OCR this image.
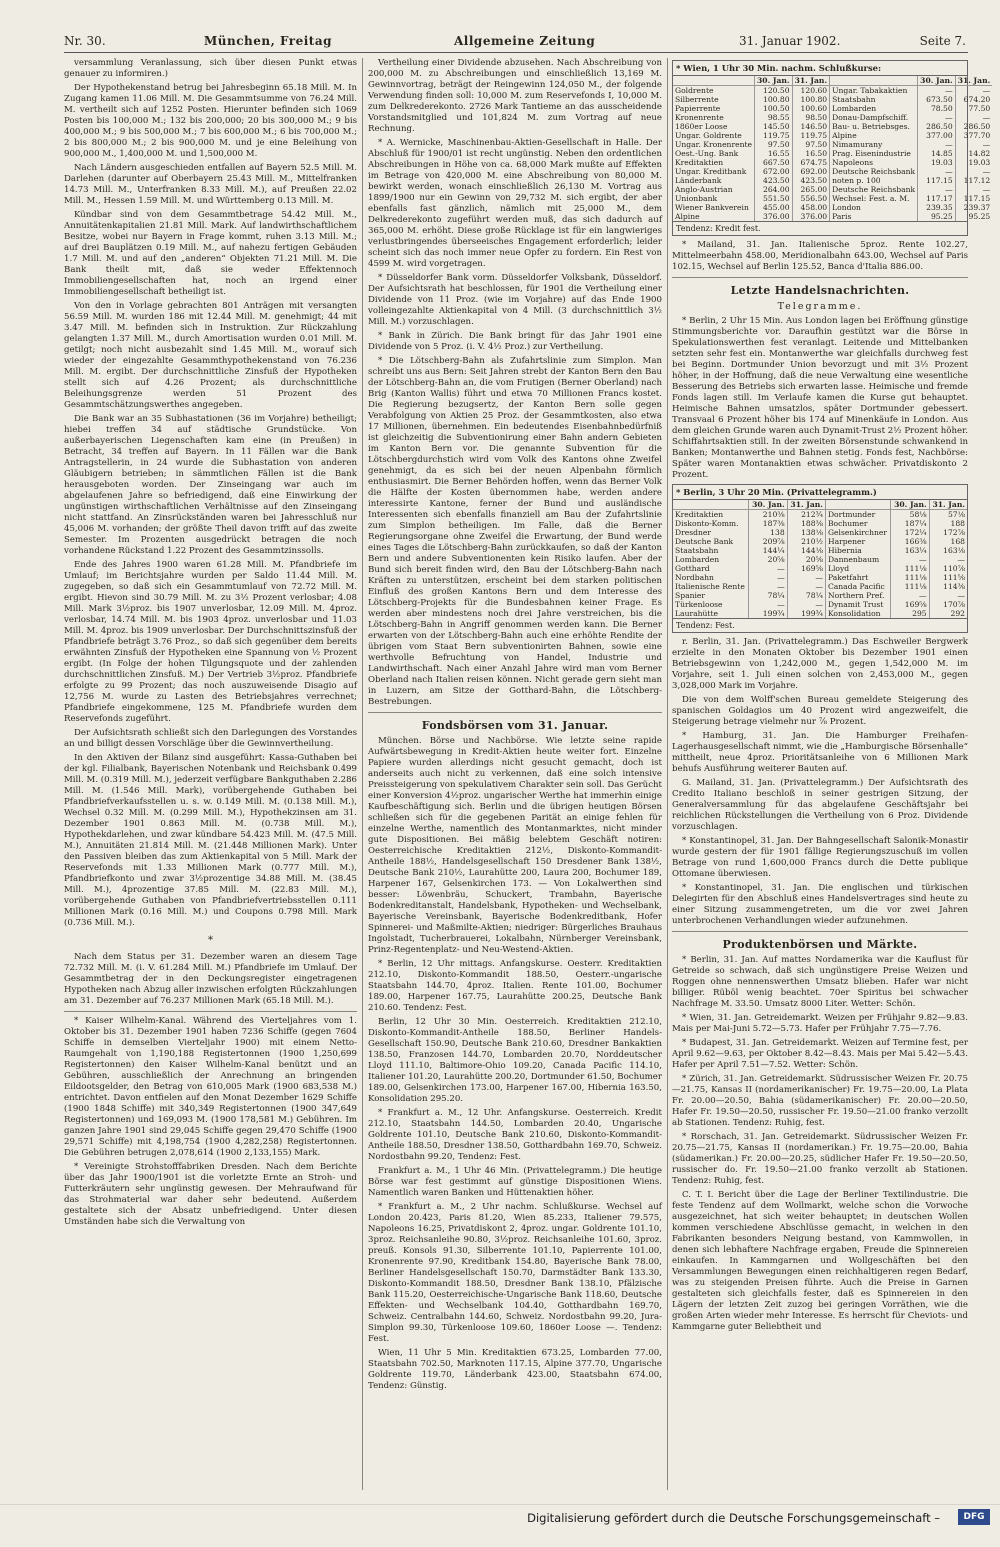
Nr. 30.	München, Freitag	Allgemeine Zeitung	31. Januar 1902.	Seite 7.

versammlung Veranlassung, sich über diesen Punkt etwas genauer zu informiren.)

Der Hypothekenstand betrug bei Jahresbeginn 65.18 Mill. M. In Zugang kamen 11.06 Mill. M. Die Gesammtsumme von 76.24 Mill. M. vertheilt sich auf 1252 Posten. Hierunter befinden sich 1069 Posten bis 100,000 M.; 132 bis 200,000; 20 bis 300,000 M.; 9 bis 400,000 M.; 9 bis 500,000 M.; 7 bis 600,000 M.; 6 bis 700,000 M.; 2 bis 800,000 M.; 2 bis 900,000 M. und je eine Beleihung von 900,000 M., 1,400,000 M. und 1,500,000 M.

Nach Ländern ausgeschieden entfallen auf Bayern 52.5 Mill. M. Darlehen (darunter auf Oberbayern 25.43 Mill. M., Mittelfranken 14.73 Mill. M., Unterfranken 8.33 Mill. M.), auf Preußen 22.02 Mill. M., Hessen 1.59 Mill. M. und Württemberg 0.13 Mill. M.

Kündbar sind von dem Gesammtbetrage 54.42 Mill. M., Annuitätenkapitalien 21.81 Mill. Mark. Auf landwirthschaftlichem Besitze, wobei nur Bayern in Frage kommt, ruhen 3.13 Mill. M.; auf drei Bauplätzen 0.19 Mill. M., auf nahezu fertigen Gebäuden 1.7 Mill. M. und auf den „anderen“ Objekten 71.21 Mill. M. Die Bank theilt mit, daß sie weder Effektennoch Immobiliengesellschaften hat, noch an irgend einer Immobiliengesellschaft betheiligt ist.

Von den in Vorlage gebrachten 801 Anträgen mit versangten 56.59 Mill. M. wurden 186 mit 12.44 Mill. M. genehmigt; 44 mit 3.47 Mill. M. befinden sich in Instruktion. Zur Rückzahlung gelangten 1.37 Mill. M., durch Amortisation wurden 0.01 Mill. M. getilgt; noch nicht ausbezahlt sind 1.45 Mill. M., worauf sich wieder der eingezahlte Gesammthypothekenstand von 76.236 Mill. M. ergibt. Der durchschnittliche Zinsfuß der Hypotheken stellt sich auf 4.26 Prozent; als durchschnittliche Beleihungsgrenze werden 51 Prozent des Gesammtschätzungswerthes angegeben.

Die Bank war an 35 Subhastationen (36 im Vorjahre) betheiligt; hiebei treffen 34 auf städtische Grundstücke. Von außerbayerischen Liegenschaften kam eine (in Preußen) in Betracht, 34 treffen auf Bayern. In 11 Fällen war die Bank Antragstellerin, in 24 wurde die Subhastation von anderen Gläubigern betrieben; in sämmtlichen Fällen ist die Bank herausgeboten worden. Der Zinseingang war auch im abgelaufenen Jahre so befriedigend, daß eine Einwirkung der ungünstigen wirthschaftlichen Verhältnisse auf den Zinseingang nicht stattfand. An Zinsrückständen waren bei Jahresschluß nur 45,006 M. vorhanden; der größte Theil davon trifft auf das zweite Semester. Im Prozenten ausgedrückt betragen die noch vorhandene Rückstand 1.22 Prozent des Gesammtzinssolls.

Ende des Jahres 1900 waren 61.28 Mill. M. Pfandbriefe im Umlauf; im Berichtsjahre wurden per Saldo 11.44 Mill. M. zugegeben, so daß sich ein Gesammtumlauf von 72.72 Mill. M. ergibt. Hievon sind 30.79 Mill. M. zu 3½ Prozent verlosbar; 4.08 Mill. Mark 3½proz. bis 1907 unverlosbar, 12.09 Mill. M. 4proz. verlosbar, 14.74 Mill. M. bis 1903 4proz. unverlosbar und 11.03 Mill. M. 4proz. bis 1909 unverlosbar. Der Durchschnittszinsfuß der Pfandbriefe beträgt 3.76 Proz., so daß sich gegenüber dem bereits erwähnten Zinsfuß der Hypotheken eine Spannung von ½ Prozent ergibt. (In Folge der hohen Tilgungsquote und der zahlenden durchschnittlichen Zinsfuß. M.) Der Vertrieb 3½proz. Pfandbriefe erfolgte zu 99 Prozent; das noch auszuweisende Disagio auf 12,756 M. wurde zu Lasten des Betriebsjahres verrechnet; Pfandbriefe eingekommene, 125 M. Pfandbriefe wurden dem Reservefonds zugeführt.

Der Aufsichtsrath schließt sich den Darlegungen des Vorstandes an und billigt dessen Vorschläge über die Gewinnvertheilung.

In den Aktiven der Bilanz sind ausgeführt: Kassa-Guthaben bei der kgl. Filialbank, Bayerischen Notenbank und Reichsbank 0.499 Mill. M. (0.319 Mill. M.), jederzeit verfügbare Bankguthaben 2.286 Mill. M. (1.546 Mill. Mark), vorübergehende Guthaben bei Pfandbriefverkaufsstellen u. s. w. 0.149 Mill. M. (0.138 Mill. M.), Wechsel 0.32 Mill. M. (0.299 Mill. M.), Hypothekzinsen am 31. Dezember 1901 0.863 Mill. M. (0.738 Mill. M.), Hypothekdarlehen, und zwar kündbare 54.423 Mill. M. (47.5 Mill. M.), Annuitäten 21.814 Mill. M. (21.448 Millionen Mark). Unter den Passiven bleiben das zum Aktienkapital von 5 Mill. Mark der Reservefonds mit 1.33 Millionen Mark (0.777 Mill. M.), Pfandbriefkonto und zwar 3½prozentige 34.88 Mill. M. (38.45 Mill. M.), 4prozentige 37.85 Mill. M. (22.83 Mill. M.), vorübergehende Guthaben von Pfandbriefvertriebsstellen 0.111 Millionen Mark (0.16 Mill. M.) und Coupons 0.798 Mill. Mark (0.736 Mill. M.).

*

Nach dem Status per 31. Dezember waren an diesem Tage 72.732 Mill. M. (i. V. 61.284 Mill. M.) Pfandbriefe im Umlauf. Der Gesammtbetrag der in den Deckungsregister eingetragenen Hypotheken nach Abzug aller inzwischen erfolgten Rückzahlungen am 31. Dezember auf 76.237 Millionen Mark (65.18 Mill. M.).

* Kaiser Wilhelm-Kanal. Während des Vierteljahres vom 1. Oktober bis 31. Dezember 1901 haben 7236 Schiffe (gegen 7604 Schiffe in demselben Vierteljahr 1900) mit einem Netto-Raumgehalt von 1,190,188 Registertonnen (1900 1,250,699 Registertonnen) den Kaiser Wilhelm-Kanal benützt und an Gebühren, ausschließlich der Anrechnung an bringenden Eildootsgelder, den Betrag von 610,005 Mark (1900 683,538 M.) entrichtet. Davon entfielen auf den Monat Dezember 1629 Schiffe (1900 1848 Schiffe) mit 340,349 Registertonnen (1900 347,649 Registertonnen) und 169,093 M. (1900 178,581 M.) Gebühren. Im ganzen Jahre 1901 sind 29,045 Schiffe gegen 29,470 Schiffe (1900 29,571 Schiffe) mit 4,198,754 (1900 4,282,258) Registertonnen. Die Gebühren betrugen 2,078,614 (1900 2,133,155) Mark.

* Vereinigte Strohstofffabriken Dresden. Nach dem Berichte über das Jahr 1900/1901 ist die vorletzte Ernte an Stroh- und Futterkräutern sehr ungünstig gewesen. Der Mehraufwand für das Strohmaterial war daher sehr bedeutend. Außerdem gestaltete sich der Absatz unbefriedigend. Unter diesen Umständen habe sich die Verwaltung von

Vertheilung einer Dividende abzusehen. Nach Abschreibung von 200,000 M. zu Abschreibungen und einschließlich 13,169 M. Gewinnvortrag, beträgt der Reingewinn 124,050 M., der folgende Verwendung finden soll: 10,000 M. zum Reservefonds I, 10,000 M. zum Delkrederekonto. 2726 Mark Tantieme an das ausscheidende Vorstandsmitglied und 101,824 M. zum Vortrag auf neue Rechnung.

* A. Wernicke, Maschinenbau-Aktien-Gesellschaft in Halle. Der Abschluß für 1900/01 ist recht ungünstig. Neben den ordentlichen Abschreibungen in Höhe von ca. 68,000 Mark mußte auf Effekten im Betrage von 420,000 M. eine Abschreibung von 80,000 M. bewirkt werden, wonach einschließlich 26,130 M. Vortrag aus 1899/1900 nur ein Gewinn von 29,732 M. sich ergibt, der aber ebenfalls fast gänzlich, nämlich mit 25,000 M., dem Delkrederekonto zugeführt werden muß, das sich dadurch auf 365,000 M. erhöht. Diese große Rücklage ist für ein langwieriges verlustbringendes überseeisches Engagement erforderlich; leider scheint sich das noch immer neue Opfer zu fordern. Ein Rest von 4599 M. wird vorgetragen.

* Düsseldorfer Bank vorm. Düsseldorfer Volksbank, Düsseldorf. Der Aufsichtsrath hat beschlossen, für 1901 die Vertheilung einer Dividende von 11 Proz. (wie im Vorjahre) auf das Ende 1900 volleingezahlte Aktienkapital von 4 Mill. (3 durchschnittlich 3½ Mill. M.) vorzuschlagen.

* Bank in Zürich. Die Bank bringt für das Jahr 1901 eine Dividende von 5 Proz. (i. V. 4½ Proz.) zur Vertheilung.

* Die Lötschberg-Bahn als Zufahrtslinie zum Simplon. Man schreibt uns aus Bern: Seit Jahren strebt der Kanton Bern den Bau der Lötschberg-Bahn an, die vom Frutigen (Berner Oberland) nach Brig (Kanton Wallis) führt und etwa 70 Millionen Francs kostet. Die Regierung bezugsertz, der Kanton Bern solle gegen Verabfolgung von Aktien 25 Proz. der Gesammtkosten, also etwa 17 Millionen, übernehmen. Ein bedeutendes Eisenbahnbedürfniß ist gleichzeitig die Subventionirung einer Bahn andern Gebieten im Kanton Bern vor. Die genannte Subvention für die Lötschbergdurchstich wird vom Volk des Kantons ohne Zweifel genehmigt, da es sich bei der neuen Alpenbahn förmlich enthusiasmirt. Die Berner Behörden hoffen, wenn das Berner Volk die Hälfte der Kosten übernommen habe, werden andere interessirte Kantone, ferner der Bund und ausländische Interessenten sich ebenfalls finanziell am Bau der Zufahrtslinie zum Simplon betheiligen. Im Falle, daß die Berner Regierungsorgane ohne Zweifel die Erwartung, der Bund werde eines Tages die Lötschberg-Bahn zurückkaufen, so daß der Kanton Bern und andere Subventionenten kein Risiko laufen. Aber der Bund sich bereit finden wird, den Bau der Lötschberg-Bahn nach Kräften zu unterstützen, erscheint bei dem starken politischen Einfluß des großen Kantons Bern und dem Interesse des Lötschberg-Projekts für die Bundesbahnen keiner Frage. Es werden aber mindestens noch drei Jahre verstreichen, bis die Lötschberg-Bahn in Angriff genommen werden kann. Die Berner erwarten von der Lötschberg-Bahn auch eine erhöhte Rendite der übrigen vom Staat Bern subventionirten Bahnen, sowie eine werthvolle Befruchtung von Handel, Industrie und Landwirthschaft. Nach einer Anzahl Jahre wird man vom Berner Oberland nach Italien reisen können. Nicht gerade gern sieht man in Luzern, am Sitze der Gotthard-Bahn, die Lötschberg-Bestrebungen.

Fondsbörsen vom 31. Januar.

München. Börse und Nachbörse. Wie letzte seine rapide Aufwärtsbewegung in Kredit-Aktien heute weiter fort. Einzelne Papiere wurden allerdings nicht gesucht gemacht, doch ist anderseits auch nicht zu verkennen, daß eine solch intensive Preissteigerung von spekulativem Charakter sein soll. Das Gerücht einer Konversion 4½proz. ungarischer Werthe hat immerhin einige Kaufbeschäftigung sich. Berlin und die übrigen heutigen Börsen schließen sich für die gegebenen Parität an einige fehlen für einzelne Werthe, namentlich des Montanmarktes, nicht minder gute Dispositionen. Bei mäßig belebtem Geschäft notiren: Oesterreichische Kreditaktien 212½, Diskonto-Kommandit-Antheile 188½, Handelsgesellschaft 150 Dresdener Bank 138½, Deutsche Bank 210½, Laurahütte 200, Laura 200, Bochumer 189, Harpener 167, Gelsenkirchen 173. — Von Lokalwerthen sind besser: Löwenbräu, Schuckert, Trambahn, Bayerische Bodenkreditanstalt, Handelsbank, Hypotheken- und Wechselbank, Bayerische Vereinsbank, Bayerische Bodenkreditbank, Hofer Spinnerei- und Maßmilte-Aktien; niedriger: Bürgerliches Brauhaus Ingolstadt, Tucherbrauerei, Lokalbahn, Nürnberger Vereinsbank, Prinz-Regentenplatz- und Neu-Westend-Aktien.

* Berlin, 12 Uhr mittags. Anfangskurse. Oesterr. Kreditaktien 212.10, Diskonto-Kommandit 188.50, Oesterr.-ungarische Staatsbahn 144.70, 4proz. Italien. Rente 101.00, Bochumer 189.00, Harpener 167.75, Laurahütte 200.25, Deutsche Bank 210.60. Tendenz: Fest.

Berlin, 12 Uhr 30 Min. Oesterreich. Kreditaktien 212.10, Diskonto-Kommandit-Antheile 188.50, Berliner Handels-Gesellschaft 150.90, Deutsche Bank 210.60, Dresdner Bankaktien 138.50, Franzosen 144.70, Lombarden 20.70, Norddeutscher Lloyd 111.10, Baltimore-Ohio 109.20, Canada Pacific 114.10, Italiener 101.20, Laurahütte 200.20, Dortmunder 61.50, Bochumer 189.00, Gelsenkirchen 173.00, Harpener 167.00, Hibernia 163.50, Konsolidation 295.20.

* Frankfurt a. M., 12 Uhr. Anfangskurse. Oesterreich. Kredit 212.10, Staatsbahn 144.50, Lombarden 20.40, Ungarische Goldrente 101.10, Deutsche Bank 210.60, Diskonto-Kommandit-Antheile 188.50, Dresdner 138.50, Gotthardbahn 169.70, Schweiz. Nordostbahn 99.20, Tendenz: Fest.

Frankfurt a. M., 1 Uhr 46 Min. (Privattelegramm.) Die heutige Börse war fest gestimmt auf günstige Dispositionen Wiens. Namentlich waren Banken und Hüttenaktien höher.

* Frankfurt a. M., 2 Uhr nachm. Schlußkurse. Wechsel auf London 20.423, Paris 81.20, Wien 85.233, Italiener 79.575, Napoleons 16.25, Privatdiskont 2, 4proz. ungar. Goldrente 101.10, 3proz. Reichsanleihe 90.80, 3½proz. Reichsanleihe 101.60, 3proz. preuß. Konsols 91.30, Silberrente 101.10, Papierrente 101.00, Kronenrente 97.90, Kreditbank 154.80, Bayerische Bank 78.00, Berliner Handelsgesellschaft 150.70, Darmstädter Bank 133.30, Diskonto-Kommandit 188.50, Dresdner Bank 138.10, Pfälzische Bank 115.20, Oesterreichische-Ungarische Bank 118.60, Deutsche Effekten- und Wechselbank 104.40, Gotthardbahn 169.70, Schweiz. Centralbahn 144.60, Schweiz. Nordostbahn 99.20, Jura-Simplon 99.30, Türkenloose 109.60, 1860er Loose —. Tendenz: Fest.

Wien, 11 Uhr 5 Min. Kreditaktien 673.25, Lombarden 77.00, Staatsbahn 702.50, Marknoten 117.15, Alpine 377.70, Ungarische Goldrente 119.70, Länderbank 423.00, Staatsbahn 674.00, Tendenz: Günstig.

* Wien, 1 Uhr 30 Min. nachm. Schlußkurse:
	30. Jan.	31. Jan.		30. Jan.	31. Jan.
Goldrente	120.50	120.60	Ungar. Tabakaktien	—	—
Silberrente	100.80	100.80	Staatsbahn	673.50	674.20
Papierrente	100.50	100.60	Lombarden	78.50	77.50
Kronenrente	98.55	98.50	Donau-Dampfschiff.	—	—
1860er Loose	145.50	146.50	Bau- u. Betriebsges.	286.50	286.50
Ungar. Goldrente	119.75	119.75	Alpine	377.00	377.70
Ungar. Kronenrente	97.50	97.50	Nimamurany	—	—
Oest.-Ung. Bank	16.55	16.50	Prag. Eisenindustrie	14.85	14.82
Kreditaktien	667.50	674.75	Napoleons	19.03	19.03
Ungar. Kreditbank	672.00	692.00	Deutsche Reichsbank	—	—
Länderbank	423.50	423.50	noten p. 100	117.15	117.12
Anglo-Austrian	264.00	265.00	Deutsche Reichsbank	—	—
Unionbank	551.50	556.50	Wechsel: Fest. a. M.	117.17	117.15
Wiener Bankverein	455.00	458.00	London	239.35	239.37
Alpine	376.00	376.00	Paris	95.25	95.25
Tendenz: Kredit fest.

* Mailand, 31. Jan. Italienische 5proz. Rente 102.27, Mittelmeerbahn 458.00, Meridionalbahn 643.00, Wechsel auf Paris 102.15, Wechsel auf Berlin 125.52, Banca d'Italia 886.00.

Letzte Handelsnachrichten.
Telegramme.

* Berlin, 2 Uhr 15 Min. Aus London lagen bei Eröffnung günstige Stimmungsberichte vor. Daraufhin gestützt war die Börse in Spekulationswerthen fest veranlagt. Leitende und Mittelbanken setzten sehr fest ein. Montanwerthe war gleichfalls durchweg fest bei Beginn. Dortmunder Union bevorzugt und mit 3½ Prozent höher, in der Hoffnung, daß die neue Verwaltung eine wesentliche Besserung des Betriebs sich erwarten lasse. Heimische und fremde Fonds lagen still. Im Verlaufe kamen die Kurse gut behauptet. Heimische Bahnen umsatzlos, später Dortmunder gebessert. Transvaal 6 Prozent höher bis 174 auf Minenkäufe in London. Aus dem gleichen Grunde waren auch Dynamit-Trust 2½ Prozent höher. Schiffahrtsaktien still. In der zweiten Börsenstunde schwankend in Banken; Montanwerthe und Bahnen stetig. Fonds fest, Nachbörse: Später waren Montanaktien etwas schwächer. Privatdiskonto 2 Prozent.

* Berlin, 3 Uhr 20 Min. (Privattelegramm.)
	30. Jan.	31. Jan.		30. Jan.	31. Jan.
Kreditaktien	210⅜	212¾	Dortmunder	58⅛	57⅛
Diskonto-Komm.	187⅜	188⅜	Bochumer	187¼	188
Dresdner	138	138⅛	Gelsenkirchner	172¼	172⅞
Deutsche Bank	209⅞	210½	Harpener	166⅜	168
Staatsbahn	144¼	144⅛	Hibernia	163¼	163⅛
Lombarden	20⅝	20⅝	Dannenbaum	—	—
Gotthard	—	169⅝	Lloyd	111⅛	110⅞
Nordbahn	—	—	Paketfahrt	111⅛	111⅝
Italienische Rente	—	—	Canada Pacific	111⅛	114⅜
Spanier	78¼	78¼	Northern Pref.	—	—
Türkenloose	—	—	Dynamit Trust	169⅝	170⅞
Laurahütte	199¾	199¾	Konsolidation	295	292
Tendenz: Fest.

r. Berlin, 31. Jan. (Privattelegramm.) Das Eschweiler Bergwerk erzielte in den Monaten Oktober bis Dezember 1901 einen Betriebsgewinn von 1,242,000 M., gegen 1,542,000 M. im Vorjahre, seit 1. Juli einen solchen von 2,453,000 M., gegen 3,028,000 Mark im Vorjahre.

Die von dem Wolff'schen Bureau gemeldete Steigerung des spanischen Goldagios um 40 Prozent wird angezweifelt, die Steigerung betrage vielmehr nur ⅞ Prozent.

* Hamburg, 31. Jan. Die Hamburger Freihafen-Lagerhausgesellschaft nimmt, wie die „Hamburgische Börsenhalle“ mittheilt, neue 4proz. Prioritätsanleihe von 6 Millionen Mark behufs Ausführung weiterer Bauten auf.

G. Mailand, 31. Jan. (Privattelegramm.) Der Aufsichtsrath des Credito Italiano beschloß in seiner gestrigen Sitzung, der Generalversammlung für das abgelaufene Geschäftsjahr bei reichlichen Rückstellungen die Vertheilung von 6 Proz. Dividende vorzuschlagen.

* Konstantinopel, 31. Jan. Der Bahngesellschaft Salonik-Monastir wurde gestern der für 1901 fällige Regierungszuschuß im vollen Betrage von rund 1,600,000 Francs durch die Dette publique Ottomane überwiesen.

* Konstantinopel, 31. Jan. Die englischen und türkischen Delegirten für den Abschluß eines Handelsvertrages sind heute zu einer Sitzung zusammengetreten, um die vor zwei Jahren unterbrochenen Verhandlungen wieder aufzunehmen.

Produktenbörsen und Märkte.

* Berlin, 31. Jan. Auf mattes Nordamerika war die Kauflust für Getreide so schwach, daß sich ungünstigere Preise Weizen und Roggen ohne nennenswerthen Umsatz blieben. Hafer war nicht billiger. Rüböl wenig beachtet. 70er Spiritus bei schwacher Nachfrage M. 33.50. Umsatz 8000 Liter. Wetter: Schön.

* Wien, 31. Jan. Getreidemarkt. Weizen per Frühjahr 9.82—9.83. Mais per Mai-Juni 5.72—5.73. Hafer per Frühjahr 7.75—7.76.

* Budapest, 31. Jan. Getreidemarkt. Weizen auf Termine fest, per April 9.62—9.63, per Oktober 8.42—8.43. Mais per Mai 5.42—5.43. Hafer per April 7.51—7.52. Wetter: Schön.

* Zürich, 31. Jan. Getreidemarkt. Südrussischer Weizen Fr. 20.75—21.75, Kansas II (nordamerikanischer) Fr. 19.75—20.00, La Plata Fr. 20.00—20.50, Bahia (südamerikanischer) Fr. 20.00—20.50, Hafer Fr. 19.50—20.50, russischer Fr. 19.50—21.00 franko verzollt ab Stationen. Tendenz: Ruhig, fest.

* Rorschach, 31. Jan. Getreidemarkt. Südrussischer Weizen Fr. 20.75—21.75, Kansas II (nordamerikan.) Fr. 19.75—20.00, Bahia (südamerikan.) Fr. 20.00—20.25, südlicher Hafer Fr. 19.50—20.50, russischer do. Fr. 19.50—21.00 franko verzollt ab Stationen. Tendenz: Ruhig, fest.

C. T. I. Bericht über die Lage der Berliner Textilindustrie. Die feste Tendenz auf dem Wollmarkt, welche schon die Vorwoche ausgezeichnet, hat sich weiter behauptet; in deutschen Wollen kommen verschiedene Abschlüsse gemacht, in welchen in den Fabrikanten besonders Neigung bestand, von Kammwollen, in denen sich lebhaftere Nachfrage ergaben, Freude die Spinnereien einkaufen. In Kammgarnen und Wollgeschäften bei den Versammlungen Bewegungen einen reichhaltigeren regen Bedarf, was zu steigenden Preisen führte. Auch die Preise in Garnen gestalteten sich gleichfalls fester, daß es Spinnereien in den Lägern der letzten Zeit zuzog bei geringen Vorräthen, wie die großen Arten wieder mehr Interesse. Es herrscht für Cheviots- und Kammgarne guter Beliebtheit und

Digitalisierung gefördert durch die Deutsche Forschungsgemeinschaft –	DFG
